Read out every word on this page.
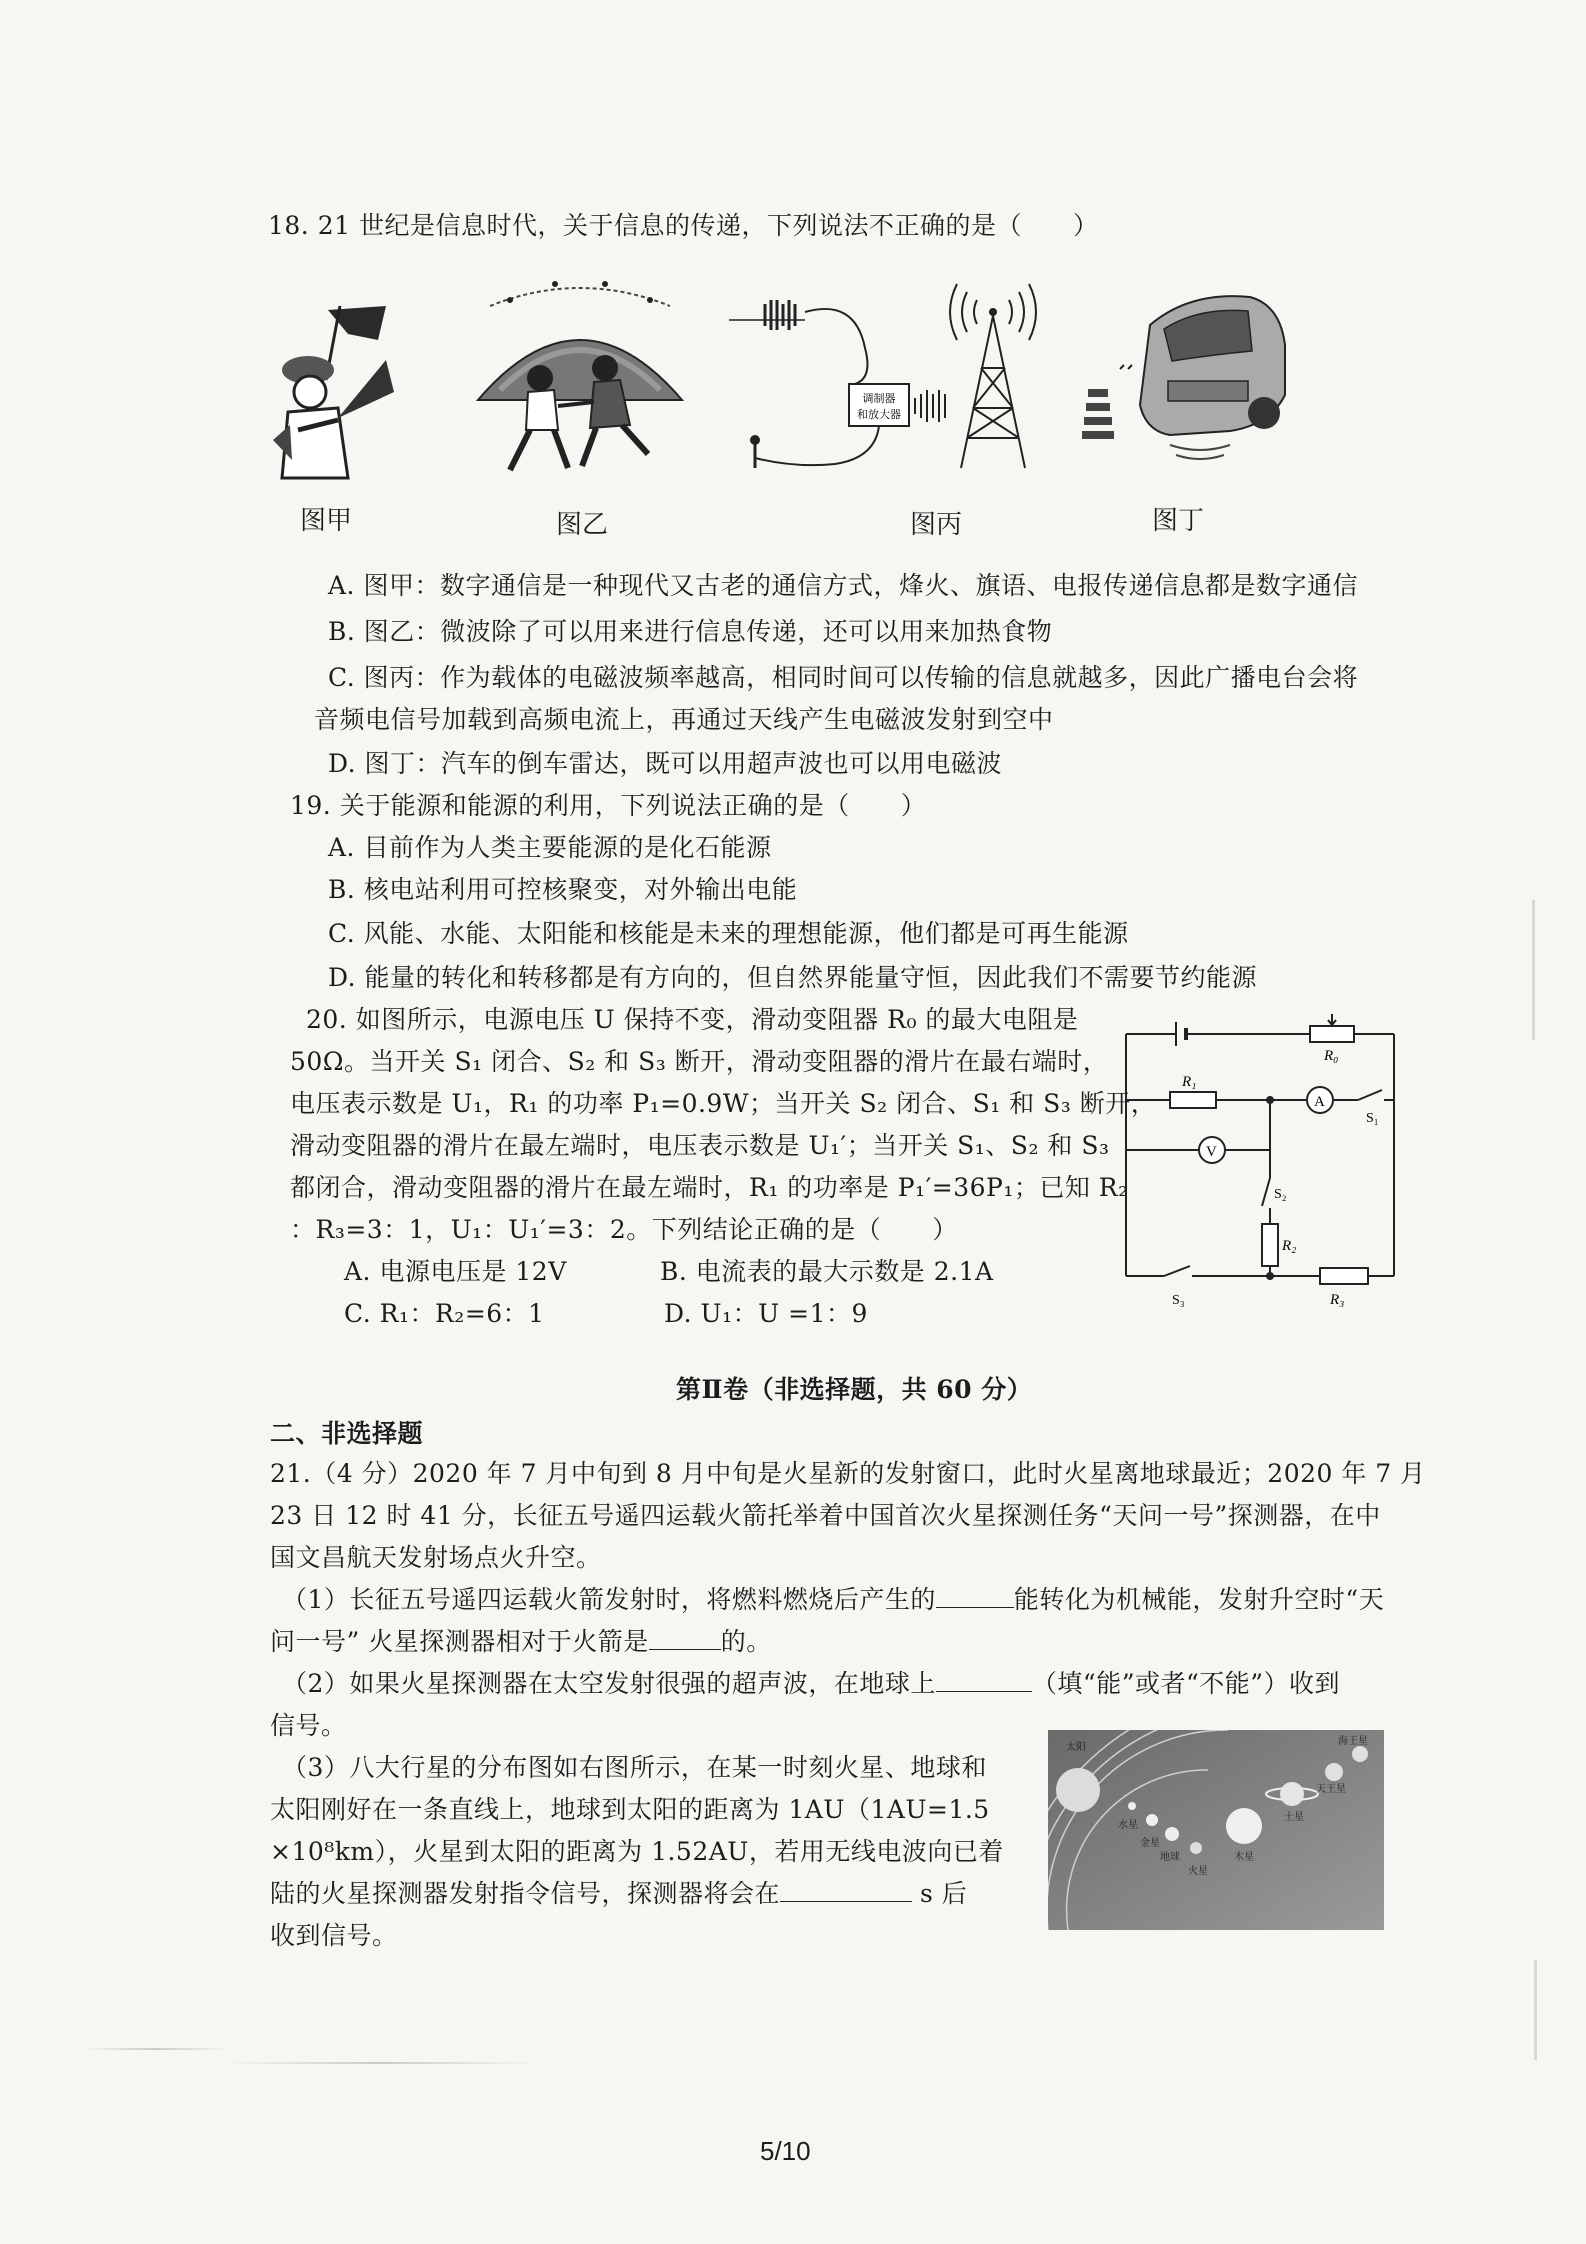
18. 21 世纪是信息时代，关于信息的传递，下列说法不正确的是（　　）
图甲	图乙
调制器
和放大器
图丙	图丁
A. 图甲：数字通信是一种现代又古老的通信方式，烽火、旗语、电报传递信息都是数字通信
B. 图乙：微波除了可以用来进行信息传递，还可以用来加热食物
C. 图丙：作为载体的电磁波频率越高，相同时间可以传输的信息就越多，因此广播电台会将
音频电信号加载到高频电流上，再通过天线产生电磁波发射到空中
D. 图丁：汽车的倒车雷达，既可以用超声波也可以用电磁波
19. 关于能源和能源的利用，下列说法正确的是（　　）
A. 目前作为人类主要能源的是化石能源
B. 核电站利用可控核聚变，对外输出电能
C. 风能、水能、太阳能和核能是未来的理想能源，他们都是可再生能源
D. 能量的转化和转移都是有方向的，但自然界能量守恒，因此我们不需要节约能源
20. 如图所示，电源电压 U 保持不变，滑动变阻器 R₀ 的最大电阻是
50Ω。当开关 S₁ 闭合、S₂ 和 S₃ 断开，滑动变阻器的滑片在最右端时，
电压表示数是 U₁，R₁ 的功率 P₁=0.9W；当开关 S₂ 闭合、S₁ 和 S₃ 断开，
滑动变阻器的滑片在最左端时，电压表示数是 U₁′；当开关 S₁、S₂ 和 S₃
都闭合，滑动变阻器的滑片在最左端时，R₁ 的功率是 P₁′=36P₁；已知 R₂
：R₃=3：1，U₁：U₁′=3：2。下列结论正确的是（　　）
A. 电源电压是 12V	B. 电流表的最大示数是 2.1A
C. R₁：R₂=6：1	D. U₁：U =1：9
R₀
R₁
A
S₁
V
S₂
R₂
S₃	R₃
第Ⅱ卷（非选择题，共 60 分）
二、非选择题
21.（4 分）2020 年 7 月中旬到 8 月中旬是火星新的发射窗口，此时火星离地球最近；2020 年 7 月
23 日 12 时 41 分，长征五号遥四运载火箭托举着中国首次火星探测任务“天问一号”探测器，在中
国文昌航天发射场点火升空。
（1）长征五号遥四运载火箭发射时，将燃料燃烧后产生的	能转化为机械能，发射升空时“天
问一号” 火星探测器相对于火箭是	的。
（2）如果火星探测器在太空发射很强的超声波，在地球上	（填“能”或者“不能”）收到
信号。
（3）八大行星的分布图如右图所示，在某一时刻火星、地球和
太阳刚好在一条直线上，地球到太阳的距离为 1AU（1AU=1.5
×10⁸km），火星到太阳的距离为 1.52AU，若用无线电波向已着
陆的火星探测器发射指令信号，探测器将会在	s 后
收到信号。
太阳
水星
金星
地球
火星
木星
土星
天王星
海王星
5/10
